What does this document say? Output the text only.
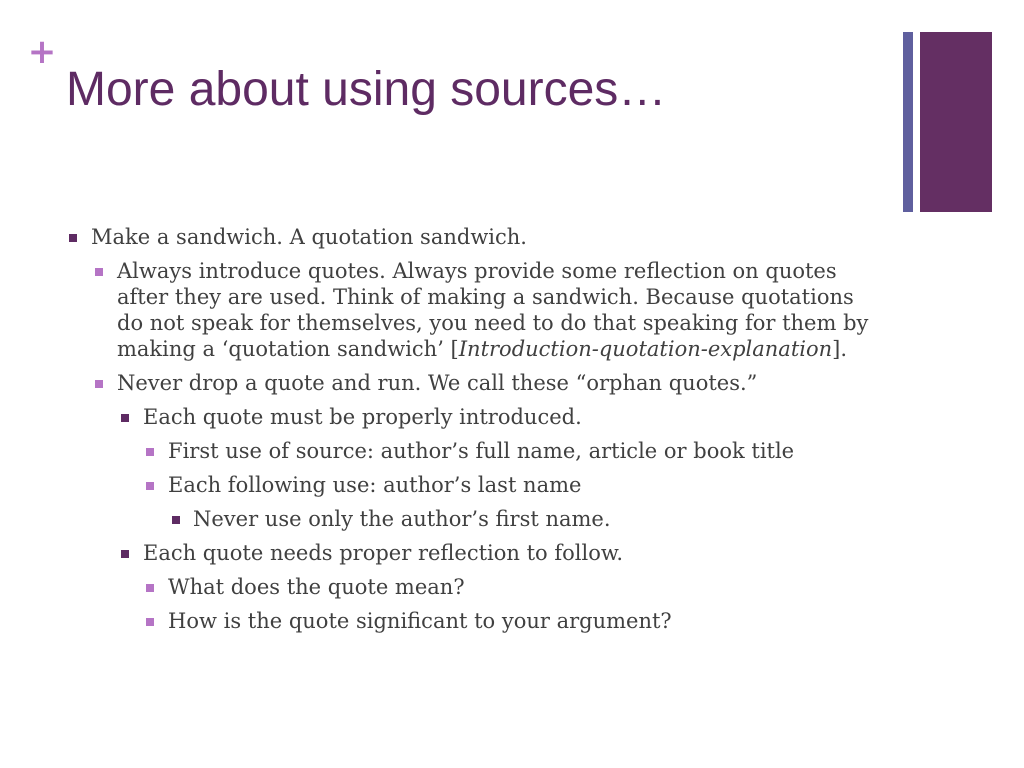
+
More about using sources…
Make a sandwich. A quotation sandwich.
Always introduce quotes. Always provide some reflection on quotes after they are used. Think of making a sandwich. Because quotations do not speak for themselves, you need to do that speaking for them by making a ‘quotation sandwich’ [Introduction-quotation-explanation].
Never drop a quote and run. We call these “orphan quotes.”
Each quote must be properly introduced.
First use of source: author’s full name, article or book title
Each following use: author’s last name
Never use only the author’s first name.
Each quote needs proper reflection to follow.
What does the quote mean?
How is the quote significant to your argument?
